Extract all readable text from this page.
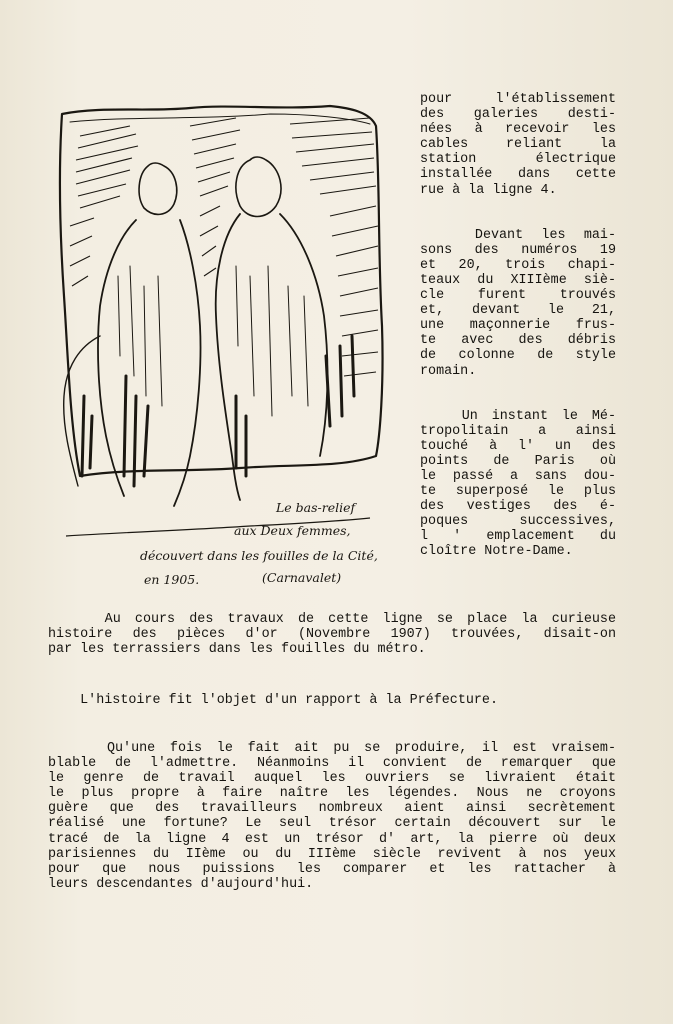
Le bas-relief
aux Deux femmes,
découvert dans les fouilles de la Cité,
en 1905.	(Carnavalet)
pour l'établissement
des galeries desti-
nées à recevoir les
cables reliant la
station électrique
installée dans cette
rue à la ligne 4.
Devant les mai-
sons des numéros 19
et 20, trois chapi-
teaux du XIIIème siè-
cle furent trouvés
et, devant le 21,
une maçonnerie frus-
te avec des débris
de colonne de style
romain.
Un instant le Mé-
tropolitain a ainsi
touché à l' un des
points de Paris où
le passé a sans dou-
te superposé le plus
des vestiges des é-
poques successives,
l ' emplacement du
cloître Notre-Dame.
Au cours des travaux de cette ligne se place la curieuse
histoire des pièces d'or (Novembre 1907) trouvées, disait-on
par les terrassiers dans les fouilles du métro.
L'histoire fit l'objet d'un rapport à la Préfecture.
Qu'une fois le fait ait pu se produire, il est vraisem-
blable de l'admettre. Néanmoins il convient de remarquer que
le genre de travail auquel les ouvriers se livraient était
le plus propre à faire naître les légendes. Nous ne croyons
guère que des travailleurs nombreux aient ainsi secrètement
réalisé une fortune? Le seul trésor certain découvert sur le
tracé de la ligne 4 est un trésor d' art, la pierre où deux
parisiennes du IIème ou du IIIème siècle revivent à nos yeux
pour que nous puissions les comparer et les rattacher à
leurs descendantes d'aujourd'hui.
